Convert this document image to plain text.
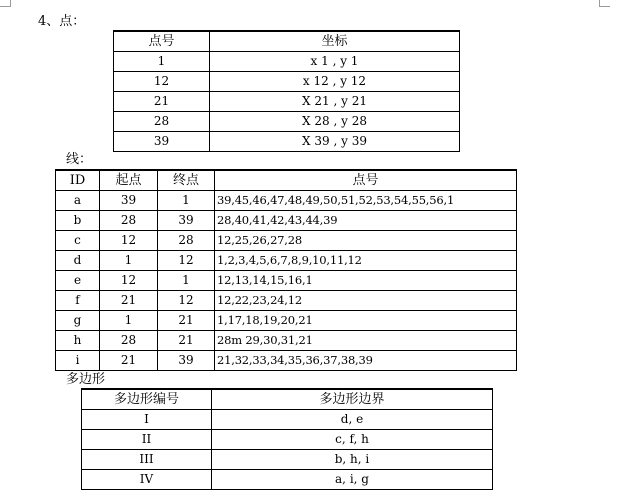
4、点：
点号	坐标
1	x 1 , y 1
12	x 12 , y 12
21	X 21 , y 21
28	X 28 , y 28
39	X 39 , y 39
线：
ID	起点	终点	点号
a	39	1	39,45,46,47,48,49,50,51,52,53,54,55,56,1
b	28	39	28,40,41,42,43,44,39
c	12	28	12,25,26,27,28
d	1	12	1,2,3,4,5,6,7,8,9,10,11,12
e	12	1	12,13,14,15,16,1
f	21	12	12,22,23,24,12
g	1	21	1,17,18,19,20,21
h	28	21	28m 29,30,31,21
i	21	39	21,32,33,34,35,36,37,38,39
多边形
多边形编号	多边形边界
I	d, e
II	c, f, h
III	b, h, i
IV	a, i, g
